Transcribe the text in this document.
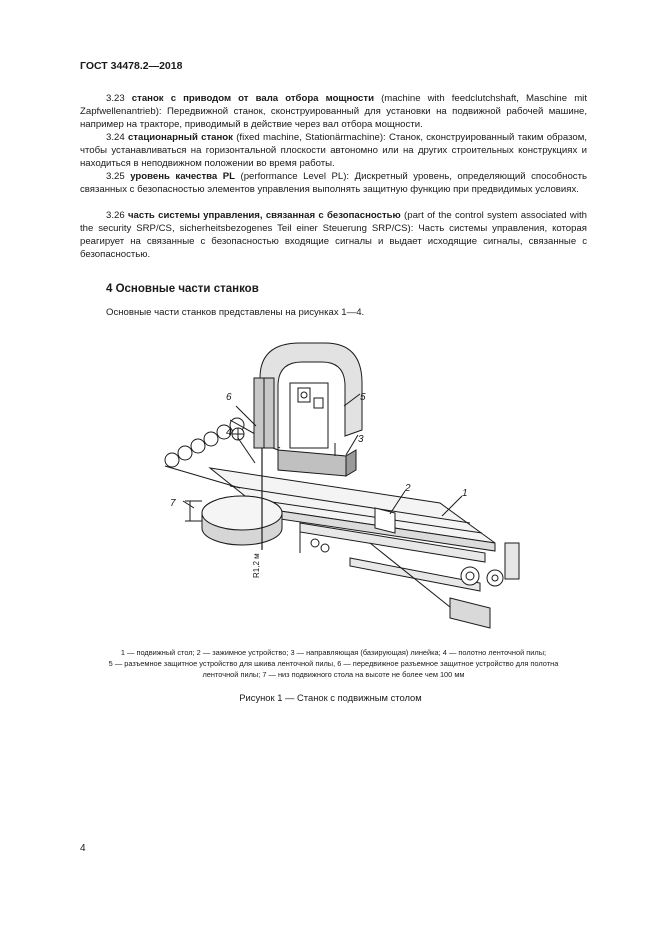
ГОСТ 34478.2—2018

3.23 станок с приводом от вала отбора мощности (machine with feedclutchshaft, Maschine mit Zapfwellenantrieb): Передвижной станок, сконструированный для установки на подвижной рабочей машине, например на тракторе, приводимый в действие через вал отбора мощности.

3.24 стационарный станок (fixed machine, Stationärmachine): Станок, сконструированный таким образом, чтобы устанавливаться на горизонтальной плоскости автономно или на других строительных конструкциях и находиться в неподвижном положении во время работы.

3.25 уровень качества PL (performance Level PL): Дискретный уровень, определяющий способность связанных с безопасностью элементов управления выполнять защитную функцию при предвидимых условиях.

3.26 часть системы управления, связанная с безопасностью (part of the control system associated with the security SRP/CS, sicherheitsbezogenes Teil einer Steuerung SRP/CS): Часть системы управления, которая реагирует на связанные с безопасностью входящие сигналы и выдает исходящие сигналы, связанные с безопасностью.

4 Основные части станков
Основные части станков представлены на рисунках 1—4.
1
2
3
4
5
6
7
R1,2 м
1 — подвижный стол; 2 — зажимное устройство; 3 — направляющая (базирующая) линейка; 4 — полотно ленточной пилы;
5 — разъемное защитное устройство для шкива ленточной пилы, 6 — передвижное разъемное защитное устройство для полотна
ленточной пилы; 7 — низ подвижного стола на высоте не более чем 100 мм
Рисунок 1 — Станок с подвижным столом
4
